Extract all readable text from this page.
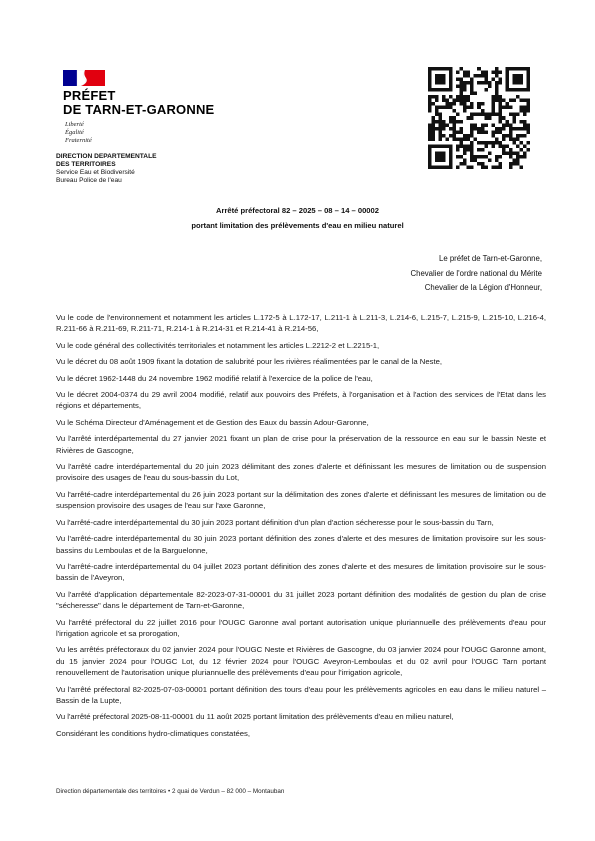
PRÉFET
DE TARN-ET-GARONNE
Liberté
Égalité
Fraternité
DIRECTION DEPARTEMENTALE
DES TERRITOIRES
Service Eau et Biodiversité
Bureau Police de l'eau
Arrêté préfectoral 82 – 2025 – 08 – 14 – 00002
portant limitation des prélèvements d'eau en milieu naturel
Le préfet de Tarn-et-Garonne,
Chevalier de l'ordre national du Mérite
Chevalier de la Légion d'Honneur,

Vu le code de l'environnement et notamment les articles L.172-5 à L.172-17, L.211-1 à L.211-3, L.214-6, L.215-7, L.215-9, L.215-10, L.216-4, R.211-66 à R.211-69, R.211-71, R.214-1 à R.214-31 et R.214-41 à R.214-56,

Vu le code général des collectivités territoriales et notamment les articles L.2212-2 et L.2215-1,

Vu le décret du 08 août 1909 fixant la dotation de salubrité pour les rivières réalimentées par le canal de la Neste,

Vu le décret 1962-1448 du 24 novembre 1962 modifié relatif à l'exercice de la police de l'eau,

Vu le décret 2004-0374 du 29 avril 2004 modifié, relatif aux pouvoirs des Préfets, à l'organisation et à l'action des services de l'Etat dans les régions et départements,

Vu le Schéma Directeur d'Aménagement et de Gestion des Eaux du bassin Adour-Garonne,

Vu l'arrêté interdépartemental du 27 janvier 2021 fixant un plan de crise pour la préservation de la ressource en eau sur le bassin Neste et Rivières de Gascogne,

Vu l'arrêté cadre interdépartemental du 20 juin 2023 délimitant des zones d'alerte et définissant les mesures de limitation ou de suspension provisoire des usages de l'eau du sous-bassin du Lot,

Vu l'arrêté-cadre interdépartemental du 26 juin 2023 portant sur la délimitation des zones d'alerte et définissant les mesures de limitation ou de suspension provisoire des usages de l'eau sur l'axe Garonne,

Vu l'arrêté-cadre interdépartemental du 30 juin 2023 portant définition d'un plan d'action sécheresse pour le sous-bassin du Tarn,

Vu l'arrêté-cadre interdépartemental du 30 juin 2023 portant définition des zones d'alerte et des mesures de limitation provisoire sur les sous-bassins du Lemboulas et de la Barguelonne,

Vu l'arrêté-cadre interdépartemental du 04 juillet 2023 portant définition des zones d'alerte et des mesures de limitation provisoire sur le sous-bassin de l'Aveyron,

Vu l'arrêté d'application départementale 82-2023-07-31-00001 du 31 juillet 2023 portant définition des modalités de gestion du plan de crise "sécheresse" dans le département de Tarn-et-Garonne,

Vu l'arrêté préfectoral du 22 juillet 2016 pour l'OUGC Garonne aval portant autorisation unique pluriannuelle des prélèvements d'eau pour l'irrigation agricole et sa prorogation,

Vu les arrêtés préfectoraux du 02 janvier 2024 pour l'OUGC Neste et Rivières de Gascogne, du 03 janvier 2024 pour l'OUGC Garonne amont, du 15 janvier 2024 pour l'OUGC Lot, du 12 février 2024 pour l'OUGC Aveyron-Lemboulas et du 02 avril pour l'OUGC Tarn portant renouvellement de l'autorisation unique pluriannuelle des prélèvements d'eau pour l'irrigation agricole,

Vu l'arrêté préfectoral 82-2025-07-03-00001 portant définition des tours d'eau pour les prélèvements agricoles en eau dans le milieu naturel – Bassin de la Lupte,

Vu l'arrêté préfectoral 2025-08-11-00001 du 11 août 2025 portant limitation des prélèvements d'eau en milieu naturel,

Considérant les conditions hydro-climatiques constatées,

Direction départementale des territoires • 2 quai de Verdun – 82 000 – Montauban
